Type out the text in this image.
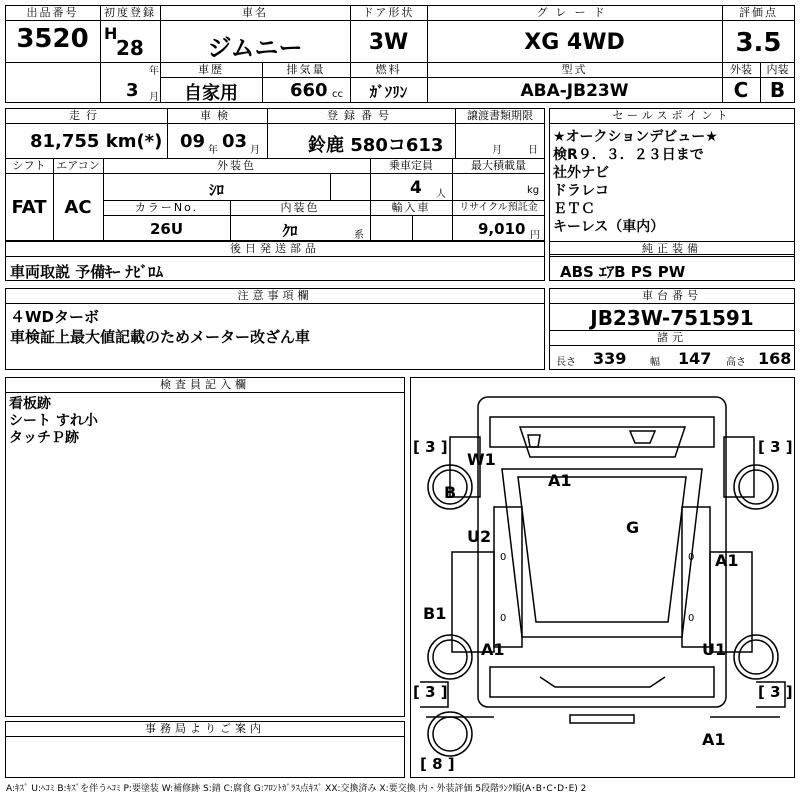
出品番号
3520
初度登録
H
28
年
3 月
車名
ジムニー
ドア形状
3W
グレード
XG 4WD
評価点
3.5
車歴
自家用
排気量
660 cc
燃料
ｶﾞｿﾘﾝ
型式
ABA-JB23W
外装
C
内装
B
走行
81,755 km(*)
車検
09 年 03 月
登録番号
鈴鹿 580コ613
譲渡書類期限
月	日
シフト
FAT
エアコン
AC
外装色
ｼﾛ
乗車定員
4 人
最大積載量
kg
カラーNo.
26U
内装色
ｸﾛ	系
輸入車	リサイクル預託金
9,010 円
セールスポイント
★オークションデビュー★
検R９．３．２３日まで
社外ナビ
ドラレコ
ＥＴＣ
キーレス（車内）
後日発送部品
車両取説 予備ｷｰ ﾅﾋﾞﾛﾑ
純正装備
ABS ｴｱB PS PW
注意事項欄
４WDターボ
車検証上最大値記載のためメーター改ざん車
車台番号
JB23W-751591
諸元
長さ 339 幅 147 高さ 168
検査員記入欄
看板跡
シート すれ小
タッチＰ跡
事務局よりご案内
W1
B
A1
G
U2
A1
B1
A1	U1
A1
[ 3 ]	[ 3 ]
[ 3 ]	[ 3 ]
[ 8 ]
0	0
0	0
A:ｷｽﾞ U:ﾍｺﾐ B:ｷｽﾞを伴うﾍｺﾐ P:要塗装 W:補修跡 S:錆 C:腐食 G:ﾌﾛﾝﾄｶﾞﾗｽ点ｷｽﾞ XX:交換済み X:要交換 内・外装評価 5段階ﾗﾝｸ順(A･B･C･D･E) 2
